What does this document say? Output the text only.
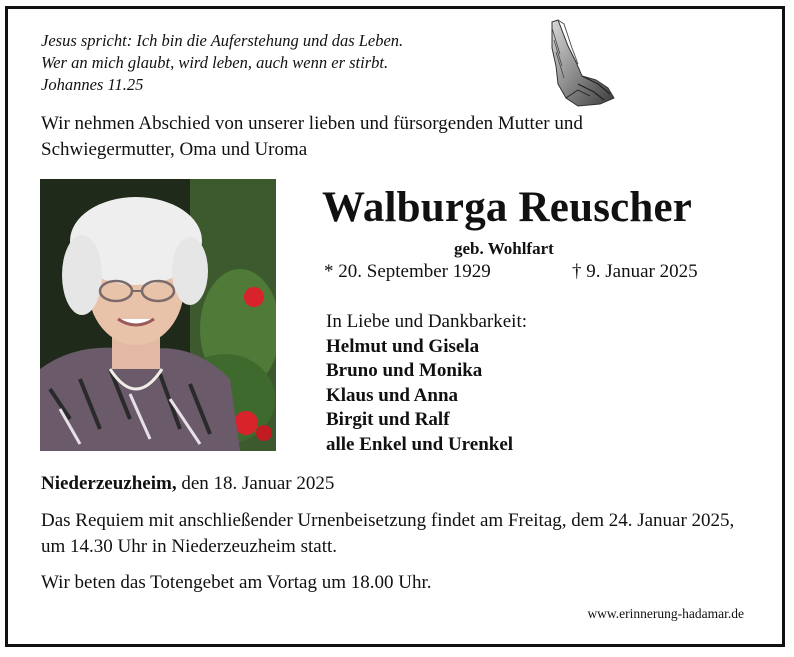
Jesus spricht: Ich bin die Auferstehung und das Leben.
Wer an mich glaubt, wird leben, auch wenn er stirbt.
Johannes 11.25
Wir nehmen Abschied von unserer lieben und fürsorgenden Mutter und Schwiegermutter, Oma und Uroma
Walburga Reuscher
geb. Wohlfart
* 20. September 1929	† 9. Januar 2025
In Liebe und Dankbarkeit:
Helmut und Gisela
Bruno und Monika
Klaus und Anna
Birgit und Ralf
alle Enkel und Urenkel
Niederzeuzheim, den 18. Januar 2025
Das Requiem mit anschließender Urnenbeisetzung findet am Freitag, dem 24. Januar 2025, um 14.30 Uhr in Niederzeuzheim statt.
Wir beten das Totengebet am Vortag um 18.00 Uhr.
www.erinnerung-hadamar.de
